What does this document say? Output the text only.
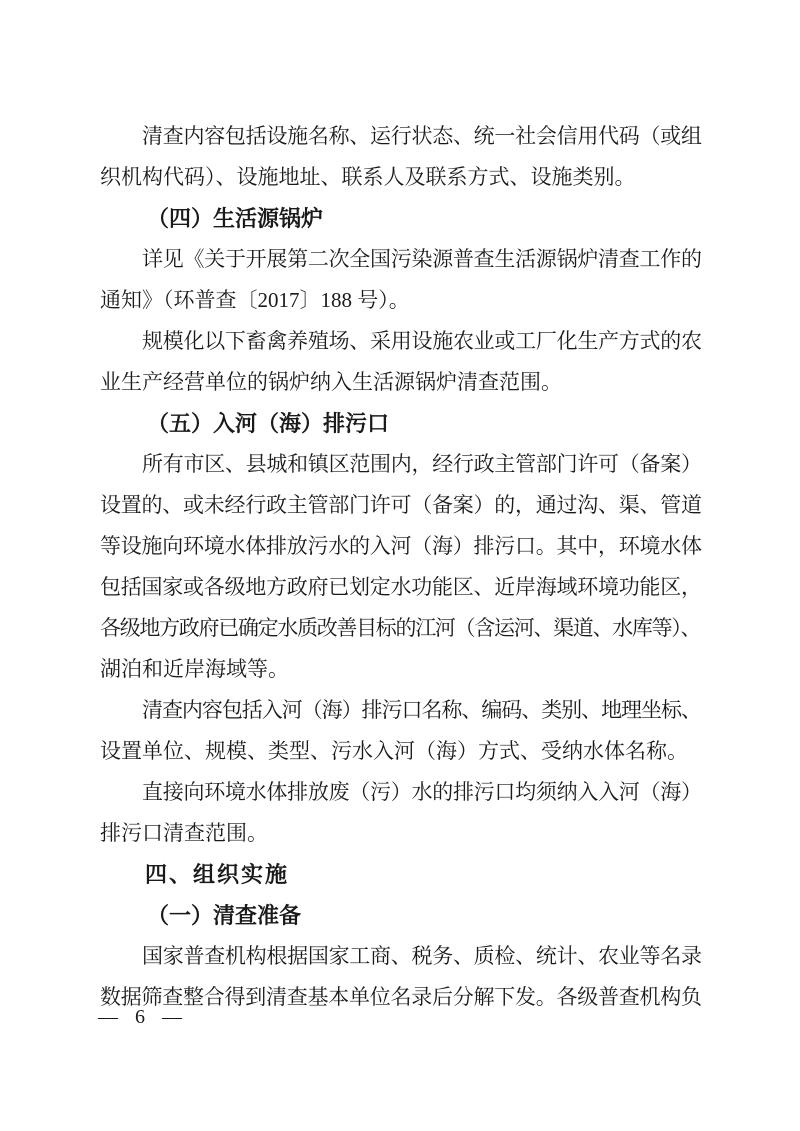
清查内容包括设施名称、运行状态、统一社会信用代码（或组
织机构代码）、设施地址、联系人及联系方式、设施类别。
（四）生活源锅炉
详见《关于开展第二次全国污染源普查生活源锅炉清查工作的
通知》（环普查〔2017〕188 号）。
规模化以下畜禽养殖场、采用设施农业或工厂化生产方式的农
业生产经营单位的锅炉纳入生活源锅炉清查范围。
（五）入河（海）排污口
所有市区、县城和镇区范围内，经行政主管部门许可（备案）
设置的、或未经行政主管部门许可（备案）的，通过沟、渠、管道
等设施向环境水体排放污水的入河（海）排污口。其中，环境水体
包括国家或各级地方政府已划定水功能区、近岸海域环境功能区，
各级地方政府已确定水质改善目标的江河（含运河、渠道、水库等）、
湖泊和近岸海域等。
清查内容包括入河（海）排污口名称、编码、类别、地理坐标、
设置单位、规模、类型、污水入河（海）方式、受纳水体名称。
直接向环境水体排放废（污）水的排污口均须纳入入河（海）
排污口清查范围。
四、组织实施
（一）清查准备
国家普查机构根据国家工商、税务、质检、统计、农业等名录
数据筛查整合得到清查基本单位名录后分解下发。各级普查机构负
— 6 —
